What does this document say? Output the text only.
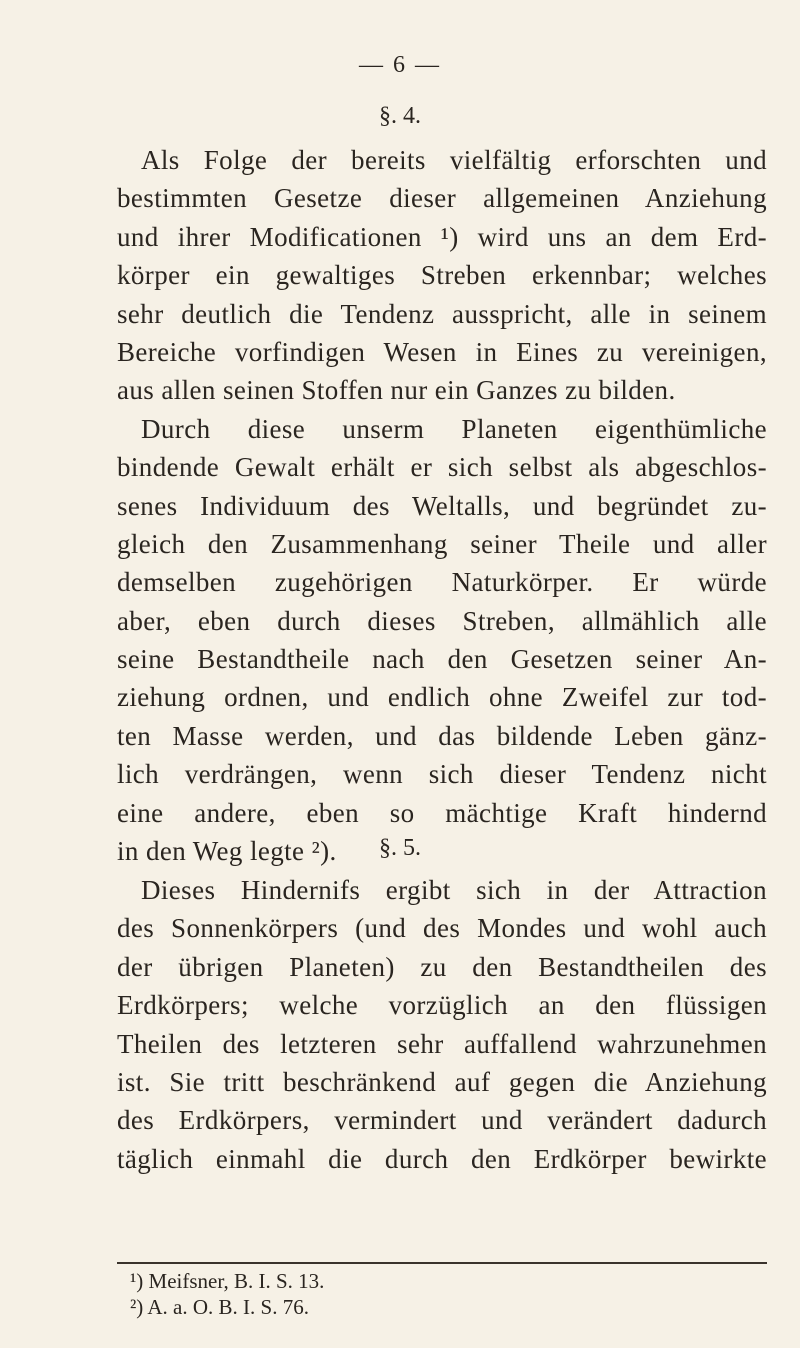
— 6 —
§. 4.
Als Folge der bereits vielfältig erforschten und
bestimmten Gesetze dieser allgemeinen Anziehung
und ihrer Modificationen ¹) wird uns an dem Erd-
körper ein gewaltiges Streben erkennbar; welches
sehr deutlich die Tendenz ausspricht, alle in seinem
Bereiche vorfindigen Wesen in Eines zu vereinigen,
aus allen seinen Stoffen nur ein Ganzes zu bilden.
Durch diese unserm Planeten eigenthümliche
bindende Gewalt erhält er sich selbst als abgeschlos-
senes Individuum des Weltalls, und begründet zu-
gleich den Zusammenhang seiner Theile und aller
demselben zugehörigen Naturkörper. Er würde
aber, eben durch dieses Streben, allmählich alle
seine Bestandtheile nach den Gesetzen seiner An-
ziehung ordnen, und endlich ohne Zweifel zur tod-
ten Masse werden, und das bildende Leben gänz-
lich verdrängen, wenn sich dieser Tendenz nicht
eine andere, eben so mächtige Kraft hindernd
in den Weg legte ²).	§. 5.
Dieses Hindernifs ergibt sich in der Attraction
des Sonnenkörpers (und des Mondes und wohl auch
der übrigen Planeten) zu den Bestandtheilen des
Erdkörpers; welche vorzüglich an den flüssigen
Theilen des letzteren sehr auffallend wahrzunehmen
ist. Sie tritt beschränkend auf gegen die Anziehung
des Erdkörpers, vermindert und verändert dadurch
täglich einmahl die durch den Erdkörper bewirkte
¹) Meifsner, B. I. S. 13.
²) A. a. O. B. I. S. 76.
